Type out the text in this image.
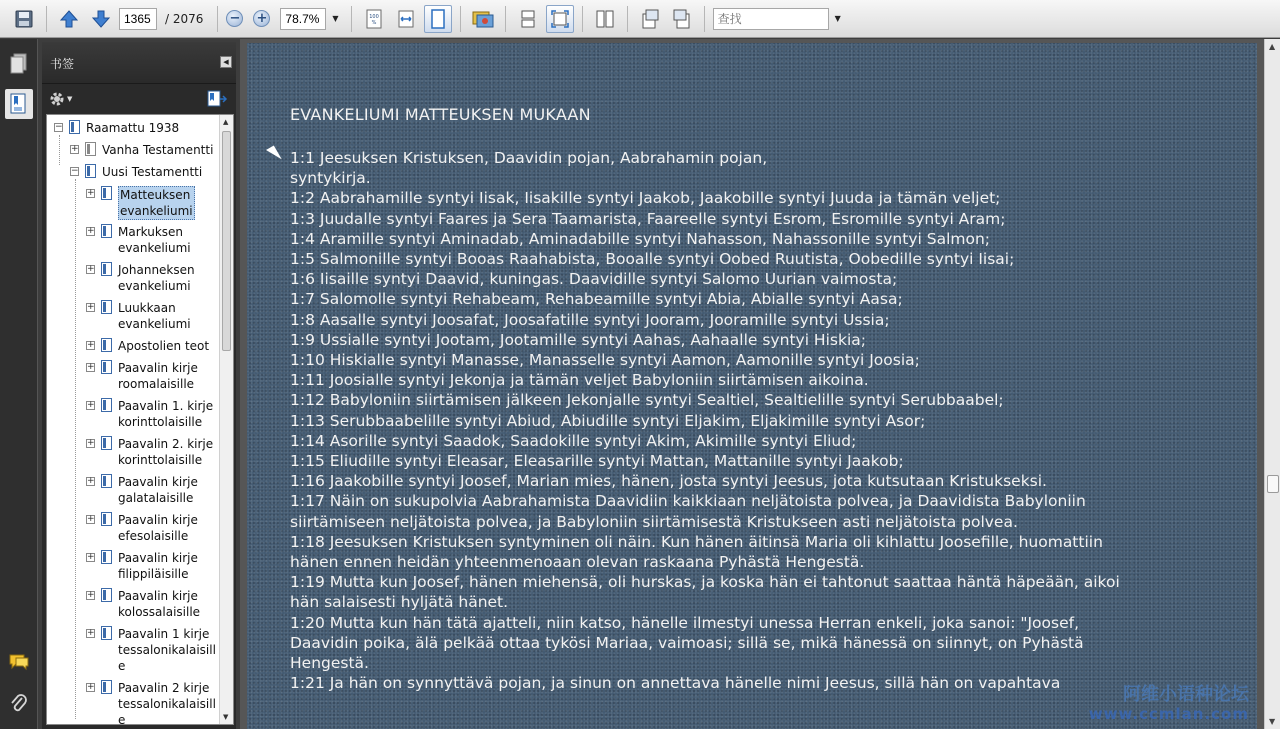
1365
/ 2076 − +
78.7%	▼	100
%
查找	▼
书签	◀
▼
− Raamattu 1938
+ Vanha Testamentti
− Uusi Testamentti
+ Matteuksen
evankeliumi
+ Markuksen
evankeliumi
+ Johanneksen
evankeliumi
+ Luukkaan
evankeliumi
+ Apostolien teot
+ Paavalin kirje
roomalaisille
+ Paavalin 1. kirje
korinttolaisille
+ Paavalin 2. kirje
korinttolaisille
+ Paavalin kirje
galatalaisille
+ Paavalin kirje
efesolaisille
+ Paavalin kirje
filippiläisille
+ Paavalin kirje
kolossalaisille
+ Paavalin 1 kirje
tessalonikalaisill
e
+ Paavalin 2 kirje
tessalonikalaisill
e
▲
▼
EVANKELIUMI MATTEUKSEN MUKAAN
1:1 Jeesuksen Kristuksen, Daavidin pojan, Aabrahamin pojan,
syntykirja.
1:2 Aabrahamille syntyi Iisak, Iisakille syntyi Jaakob, Jaakobille syntyi Juuda ja tämän veljet;
1:3 Juudalle syntyi Faares ja Sera Taamarista, Faareelle syntyi Esrom, Esromille syntyi Aram;
1:4 Aramille syntyi Aminadab, Aminadabille syntyi Nahasson, Nahassonille syntyi Salmon;
1:5 Salmonille syntyi Booas Raahabista, Booalle syntyi Oobed Ruutista, Oobedille syntyi Iisai;
1:6 Iisaille syntyi Daavid, kuningas. Daavidille syntyi Salomo Uurian vaimosta;
1:7 Salomolle syntyi Rehabeam, Rehabeamille syntyi Abia, Abialle syntyi Aasa;
1:8 Aasalle syntyi Joosafat, Joosafatille syntyi Jooram, Jooramille syntyi Ussia;
1:9 Ussialle syntyi Jootam, Jootamille syntyi Aahas, Aahaalle syntyi Hiskia;
1:10 Hiskialle syntyi Manasse, Manasselle syntyi Aamon, Aamonille syntyi Joosia;
1:11 Joosialle syntyi Jekonja ja tämän veljet Babyloniin siirtämisen aikoina.
1:12 Babyloniin siirtämisen jälkeen Jekonjalle syntyi Sealtiel, Sealtielille syntyi Serubbaabel;
1:13 Serubbaabelille syntyi Abiud, Abiudille syntyi Eljakim, Eljakimille syntyi Asor;
1:14 Asorille syntyi Saadok, Saadokille syntyi Akim, Akimille syntyi Eliud;
1:15 Eliudille syntyi Eleasar, Eleasarille syntyi Mattan, Mattanille syntyi Jaakob;
1:16 Jaakobille syntyi Joosef, Marian mies, hänen, josta syntyi Jeesus, jota kutsutaan Kristukseksi.
1:17 Näin on sukupolvia Aabrahamista Daavidiin kaikkiaan neljätoista polvea, ja Daavidista Babyloniin
siirtämiseen neljätoista polvea, ja Babyloniin siirtämisestä Kristukseen asti neljätoista polvea.
1:18 Jeesuksen Kristuksen syntyminen oli näin. Kun hänen äitinsä Maria oli kihlattu Joosefille, huomattiin
hänen ennen heidän yhteenmenoaan olevan raskaana Pyhästä Hengestä.
1:19 Mutta kun Joosef, hänen miehensä, oli hurskas, ja koska hän ei tahtonut saattaa häntä häpeään, aikoi
hän salaisesti hyljätä hänet.
1:20 Mutta kun hän tätä ajatteli, niin katso, hänelle ilmestyi unessa Herran enkeli, joka sanoi: "Joosef,
Daavidin poika, älä pelkää ottaa tykösi Mariaa, vaimoasi; sillä se, mikä hänessä on siinnyt, on Pyhästä
Hengestä.
1:21 Ja hän on synnyttävä pojan, ja sinun on annettava hänelle nimi Jeesus, sillä hän on vapahtava
阿维小语种论坛
www.ccmlan.com
▲
▼
